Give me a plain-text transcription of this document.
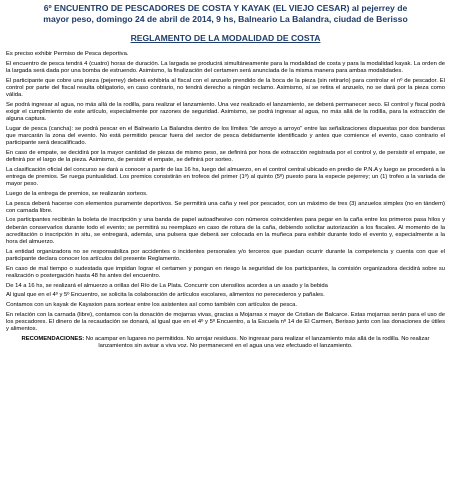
6º ENCUENTRO DE PESCADORES DE COSTA Y KAYAK (EL VIEJO CESAR) al pejerrey de

mayor peso, domingo 24 de abril de 2014, 9 hs, Balneario La Balandra, ciudad de Berisso

REGLAMENTO DE LA MODALIDAD DE COSTA

Es preciso exhibir Permiso de Pesca deportiva.

El encuentro de pesca tendrá 4 (cuatro) horas de duración. La largada se producirá simultáneamente para la modalidad de costa y para la modalidad kayak. La orden de la largada será dada por una bomba de estruendo. Asimismo, la finalización del certamen será anunciada de la misma manera para ambas modalidades.

El participante que cobre una pieza (pejerrey) deberá exhibirla al fiscal con el anzuelo prendido de la boca de la pieza (sin retirarlo) para controlar el nº de pescador. El control por parte del fiscal resulta obligatorio, en caso contrario, no tendrá derecho a ningún reclamo. Asimismo, si se retira el anzuelo, no se dará por la pieza como válida.

Se podrá ingresar al agua, no más allá de la rodilla, para realizar el lanzamiento. Una vez realizado el lanzamiento, se deberá permanecer seco. El control y fiscal podrá exigir el cumplimiento de este artículo, especialmente por razones de seguridad. Asimismo, se podrá ingresar al agua, no más allá de la rodilla, para la extracción de alguna captura.

Lugar de pesca (cancha): se podrá pescar en el Balneario La Balandra dentro de los límites "de arroyo a arroyo" entre las señalizaciones dispuestas por dos banderas que marcarán la zona del evento. No está permitido pescar fuera del sector de pesca debidamente identificado y antes que comience el evento, caso contrario el participante será descalificado.

En caso de empate, se decidirá por la mayor cantidad de piezas de mismo peso, se definirá por hora de extracción registrada por el control y, de persistir el empate, se definirá por el largo de la pieza. Asimismo, de persistir el empate, se definirá por sorteo.

La clasificación oficial del concurso se dará a conocer a partir de las 16 hs, luego del almuerzo, en el control central ubicado en predio de P.N.A y luego se procederá a la entrega de premios. Se ruega puntualidad. Los premios consistirán en trofeos del primer (1º) al quinto (5º) puesto para la especie pejerrey; un (1) trofeo a la variada de mayor peso.

Luego de la entrega de premios, se realizarán sorteos.

La pesca deberá hacerse con elementos puramente deportivos. Se permitirá una caña y reel por pescador, con un máximo de tres (3) anzuelos simples (no en tándem) con carnada libre.

Los participantes recibirán la boleta de inscripción y una banda de papel autoadhesivo con números coincidentes para pegar en la caña entre los primeros pasa hilos y deberán conservarlos durante todo el evento; se permitirá su reemplazo en caso de rotura de la caña, debiendo solicitar autorización a los fiscales. Al momento de la acreditación o inscripción in situ, se entregará, además, una pulsera que deberá ser colocada en la muñeca para exhibir durante todo el evento y, especialmente a la hora del almuerzo.

La entidad organizadora no se responsabiliza por accidentes o incidentes personales y/o terceros que puedan ocurrir durante la competencia y cuenta con que el participante declara conocer los artículos del presente Reglamento.

En caso de mal tiempo o sudestada que impidan lograr el certamen y pongan en riesgo la seguridad de los participantes, la comisión organizadora decidirá sobre su realización o postergación hasta 48 hs antes del encuentro.

De 14 a 16 hs, se realizará el almuerzo a orillas del Río de La Plata. Concurrir con utensilios acordes a un asado y la bebida

Al igual que en el 4º y 5º Encuentro, se solicita la colaboración de artículos escolares, alimentos no perecederos y pañales.

Contamos con un kayak de Kayaxion para sortear entre los asistentes así como también con artículos de pesca.

En relación con la carnada (libre), contamos con la donación de mojarras vivas, gracias a Mojarras x mayor de Cristian de Balcarce. Estas mojarras serán para el uso de los pescadores. El dinero de la recaudación se donará, al igual que en el 4º y 5º Encuentro, a la Escuela nº 14 de El Carmen, Berisso junto con las donaciones de útiles y alimentos.

RECOMENDACIONES: No acampar en lugares no permitidos. No arrojar residuos. No ingresar para realizar el lanzamiento más allá de la rodilla. No realizar lanzamientos sin avisar a viva voz. No permaneceré en el agua una vez efectuado el lanzamiento.
